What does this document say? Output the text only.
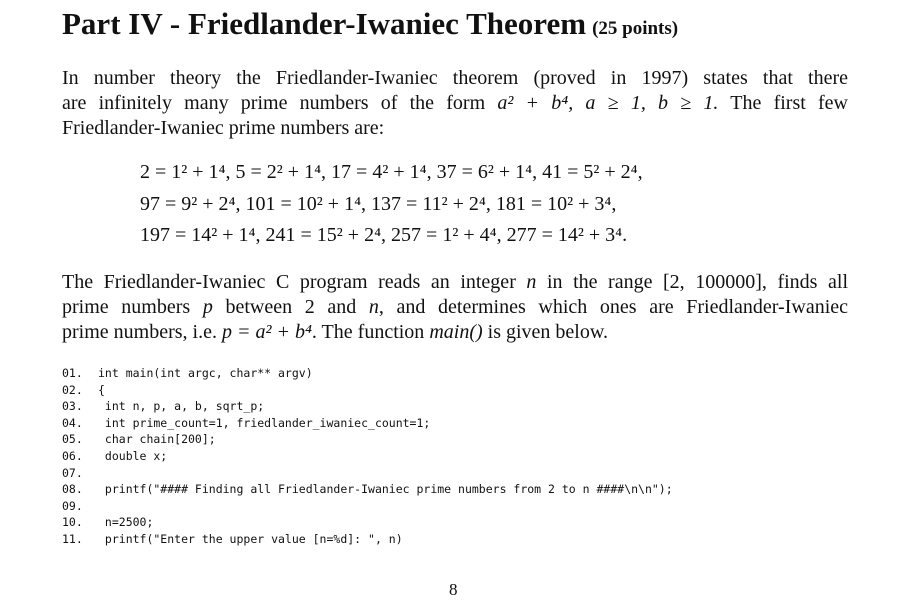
Part IV - Friedlander-Iwaniec Theorem (25 points)
In number theory the Friedlander-Iwaniec theorem (proved in 1997) states that there
are infinitely many prime numbers of the form a² + b⁴, a ≥ 1, b ≥ 1. The first few
Friedlander-Iwaniec prime numbers are:

2 = 1² + 1⁴, 5 = 2² + 1⁴, 17 = 4² + 1⁴, 37 = 6² + 1⁴, 41 = 5² + 2⁴,

97 = 9² + 2⁴, 101 = 10² + 1⁴, 137 = 11² + 2⁴, 181 = 10² + 3⁴,

197 = 14² + 1⁴, 241 = 15² + 2⁴, 257 = 1² + 4⁴, 277 = 14² + 3⁴.

The Friedlander-Iwaniec C program reads an integer n in the range [2, 100000], finds all
prime numbers p between 2 and n, and determines which ones are Friedlander-Iwaniec
prime numbers, i.e. p = a² + b⁴. The function main() is given below.
01. int main(int argc, char** argv)
02. {
03. int n, p, a, b, sqrt_p;
04. int prime_count=1, friedlander_iwaniec_count=1;
05. char chain[200];
06. double x;
07.
08. printf("#### Finding all Friedlander-Iwaniec prime numbers from 2 to n ####\n\n");
09.
10. n=2500;
11. printf("Enter the upper value [n=%d]: ", n)
8
